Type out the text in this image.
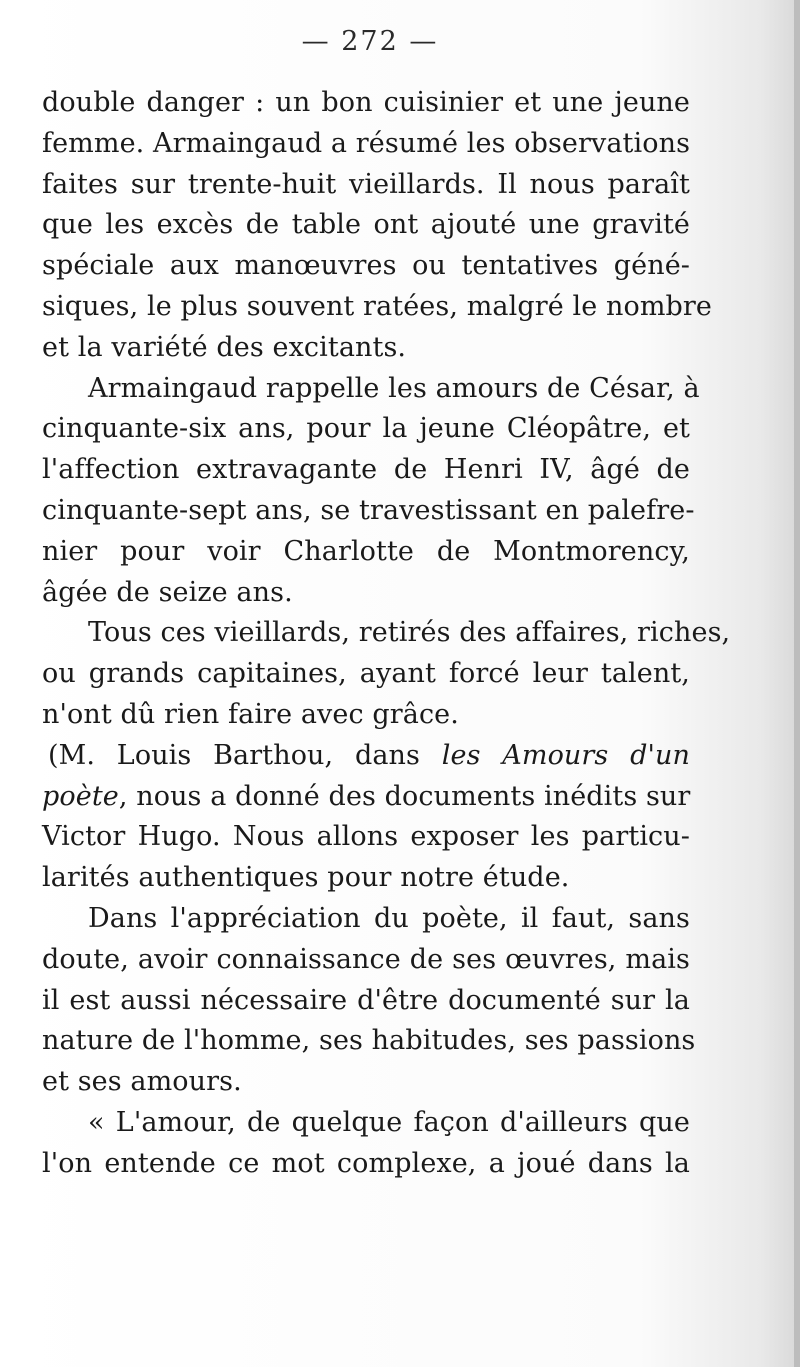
— 272 —
double danger : un bon cuisinier et une jeune
femme. Armaingaud a résumé les observations
faites sur trente-huit vieillards. Il nous paraît
que les excès de table ont ajouté une gravité
spéciale aux manœuvres ou tentatives géné-
siques, le plus souvent ratées, malgré le nombre
et la variété des excitants.
Armaingaud rappelle les amours de César, à
cinquante-six ans, pour la jeune Cléopâtre, et
l'affection extravagante de Henri IV, âgé de
cinquante-sept ans, se travestissant en palefre-
nier pour voir Charlotte de Montmorency,
âgée de seize ans.
Tous ces vieillards, retirés des affaires, riches,
ou grands capitaines, ayant forcé leur talent,
n'ont dû rien faire avec grâce.
(M. Louis Barthou, dans les Amours d'un
poète, nous a donné des documents inédits sur
Victor Hugo. Nous allons exposer les particu-
larités authentiques pour notre étude.
Dans l'appréciation du poète, il faut, sans
doute, avoir connaissance de ses œuvres, mais
il est aussi nécessaire d'être documenté sur la
nature de l'homme, ses habitudes, ses passions
et ses amours.
« L'amour, de quelque façon d'ailleurs que
l'on entende ce mot complexe, a joué dans la
